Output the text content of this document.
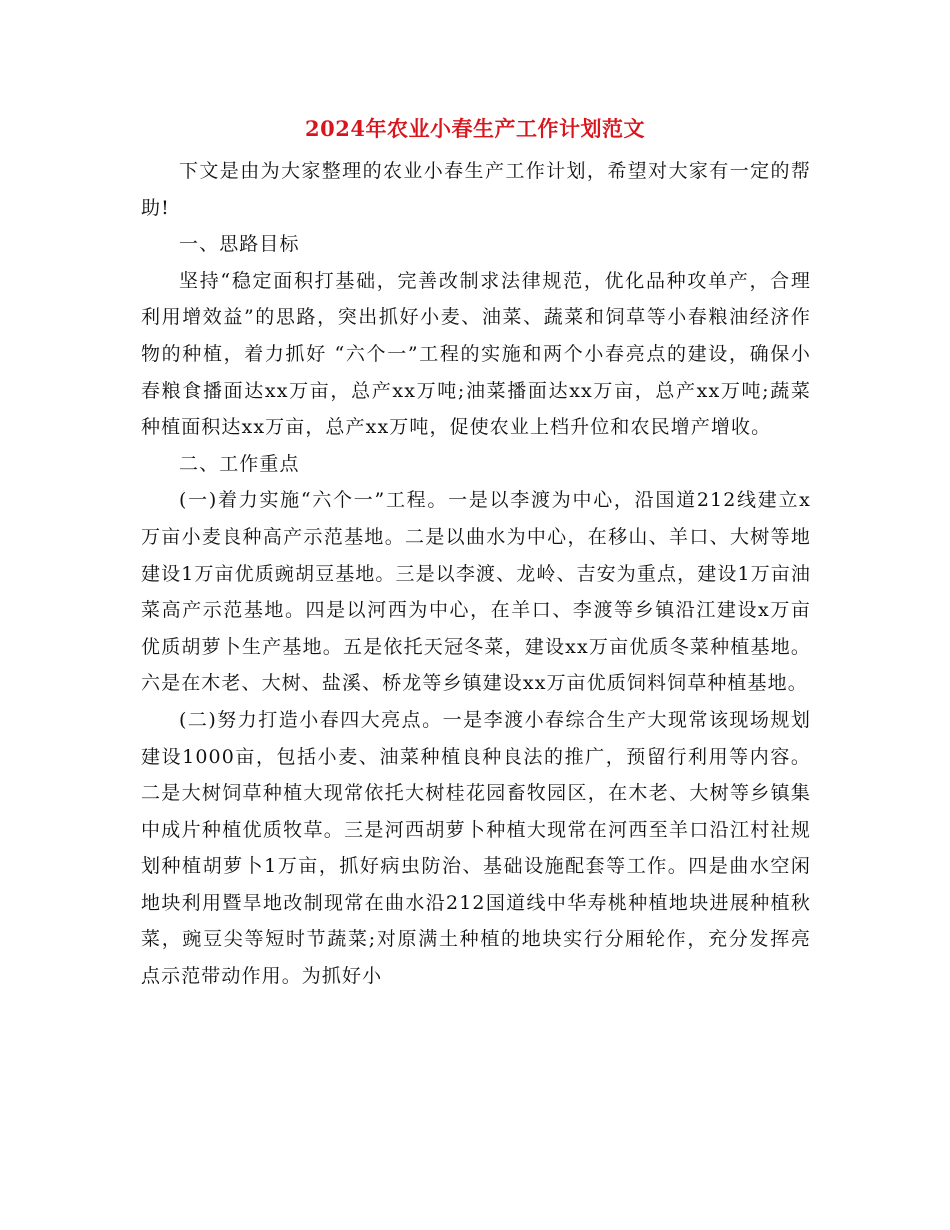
2024年农业小春生产工作计划范文

下文是由为大家整理的农业小春生产工作计划，希望对大家有一定的帮助!

一、思路目标

坚持“稳定面积打基础，完善改制求法律规范，优化品种攻单产，合理利用增效益”的思路，突出抓好小麦、油菜、蔬菜和饲草等小春粮油经济作物的种植，着力抓好 “六个一”工程的实施和两个小春亮点的建设，确保小春粮食播面达xx万亩，总产xx万吨;油菜播面达xx万亩，总产xx万吨;蔬菜种植面积达xx万亩，总产xx万吨，促使农业上档升位和农民增产增收。

二、工作重点

(一)着力实施“六个一”工程。一是以李渡为中心，沿国道212线建立x万亩小麦良种高产示范基地。二是以曲水为中心，在移山、羊口、大树等地建设1万亩优质豌胡豆基地。三是以李渡、龙岭、吉安为重点，建设1万亩油菜高产示范基地。四是以河西为中心，在羊口、李渡等乡镇沿江建设x万亩优质胡萝卜生产基地。五是依托天冠冬菜，建设xx万亩优质冬菜种植基地。六是在木老、大树、盐溪、桥龙等乡镇建设xx万亩优质饲料饲草种植基地。

(二)努力打造小春四大亮点。一是李渡小春综合生产大现常该现场规划建设1000亩，包括小麦、油菜种植良种良法的推广，预留行利用等内容。二是大树饲草种植大现常依托大树桂花园畜牧园区，在木老、大树等乡镇集中成片种植优质牧草。三是河西胡萝卜种植大现常在河西至羊口沿江村社规划种植胡萝卜1万亩，抓好病虫防治、基础设施配套等工作。四是曲水空闲地块利用暨旱地改制现常在曲水沿212国道线中华寿桃种植地块进展种植秋菜，豌豆尖等短时节蔬菜;对原满土种植的地块实行分厢轮作，充分发挥亮点示范带动作用。为抓好小
